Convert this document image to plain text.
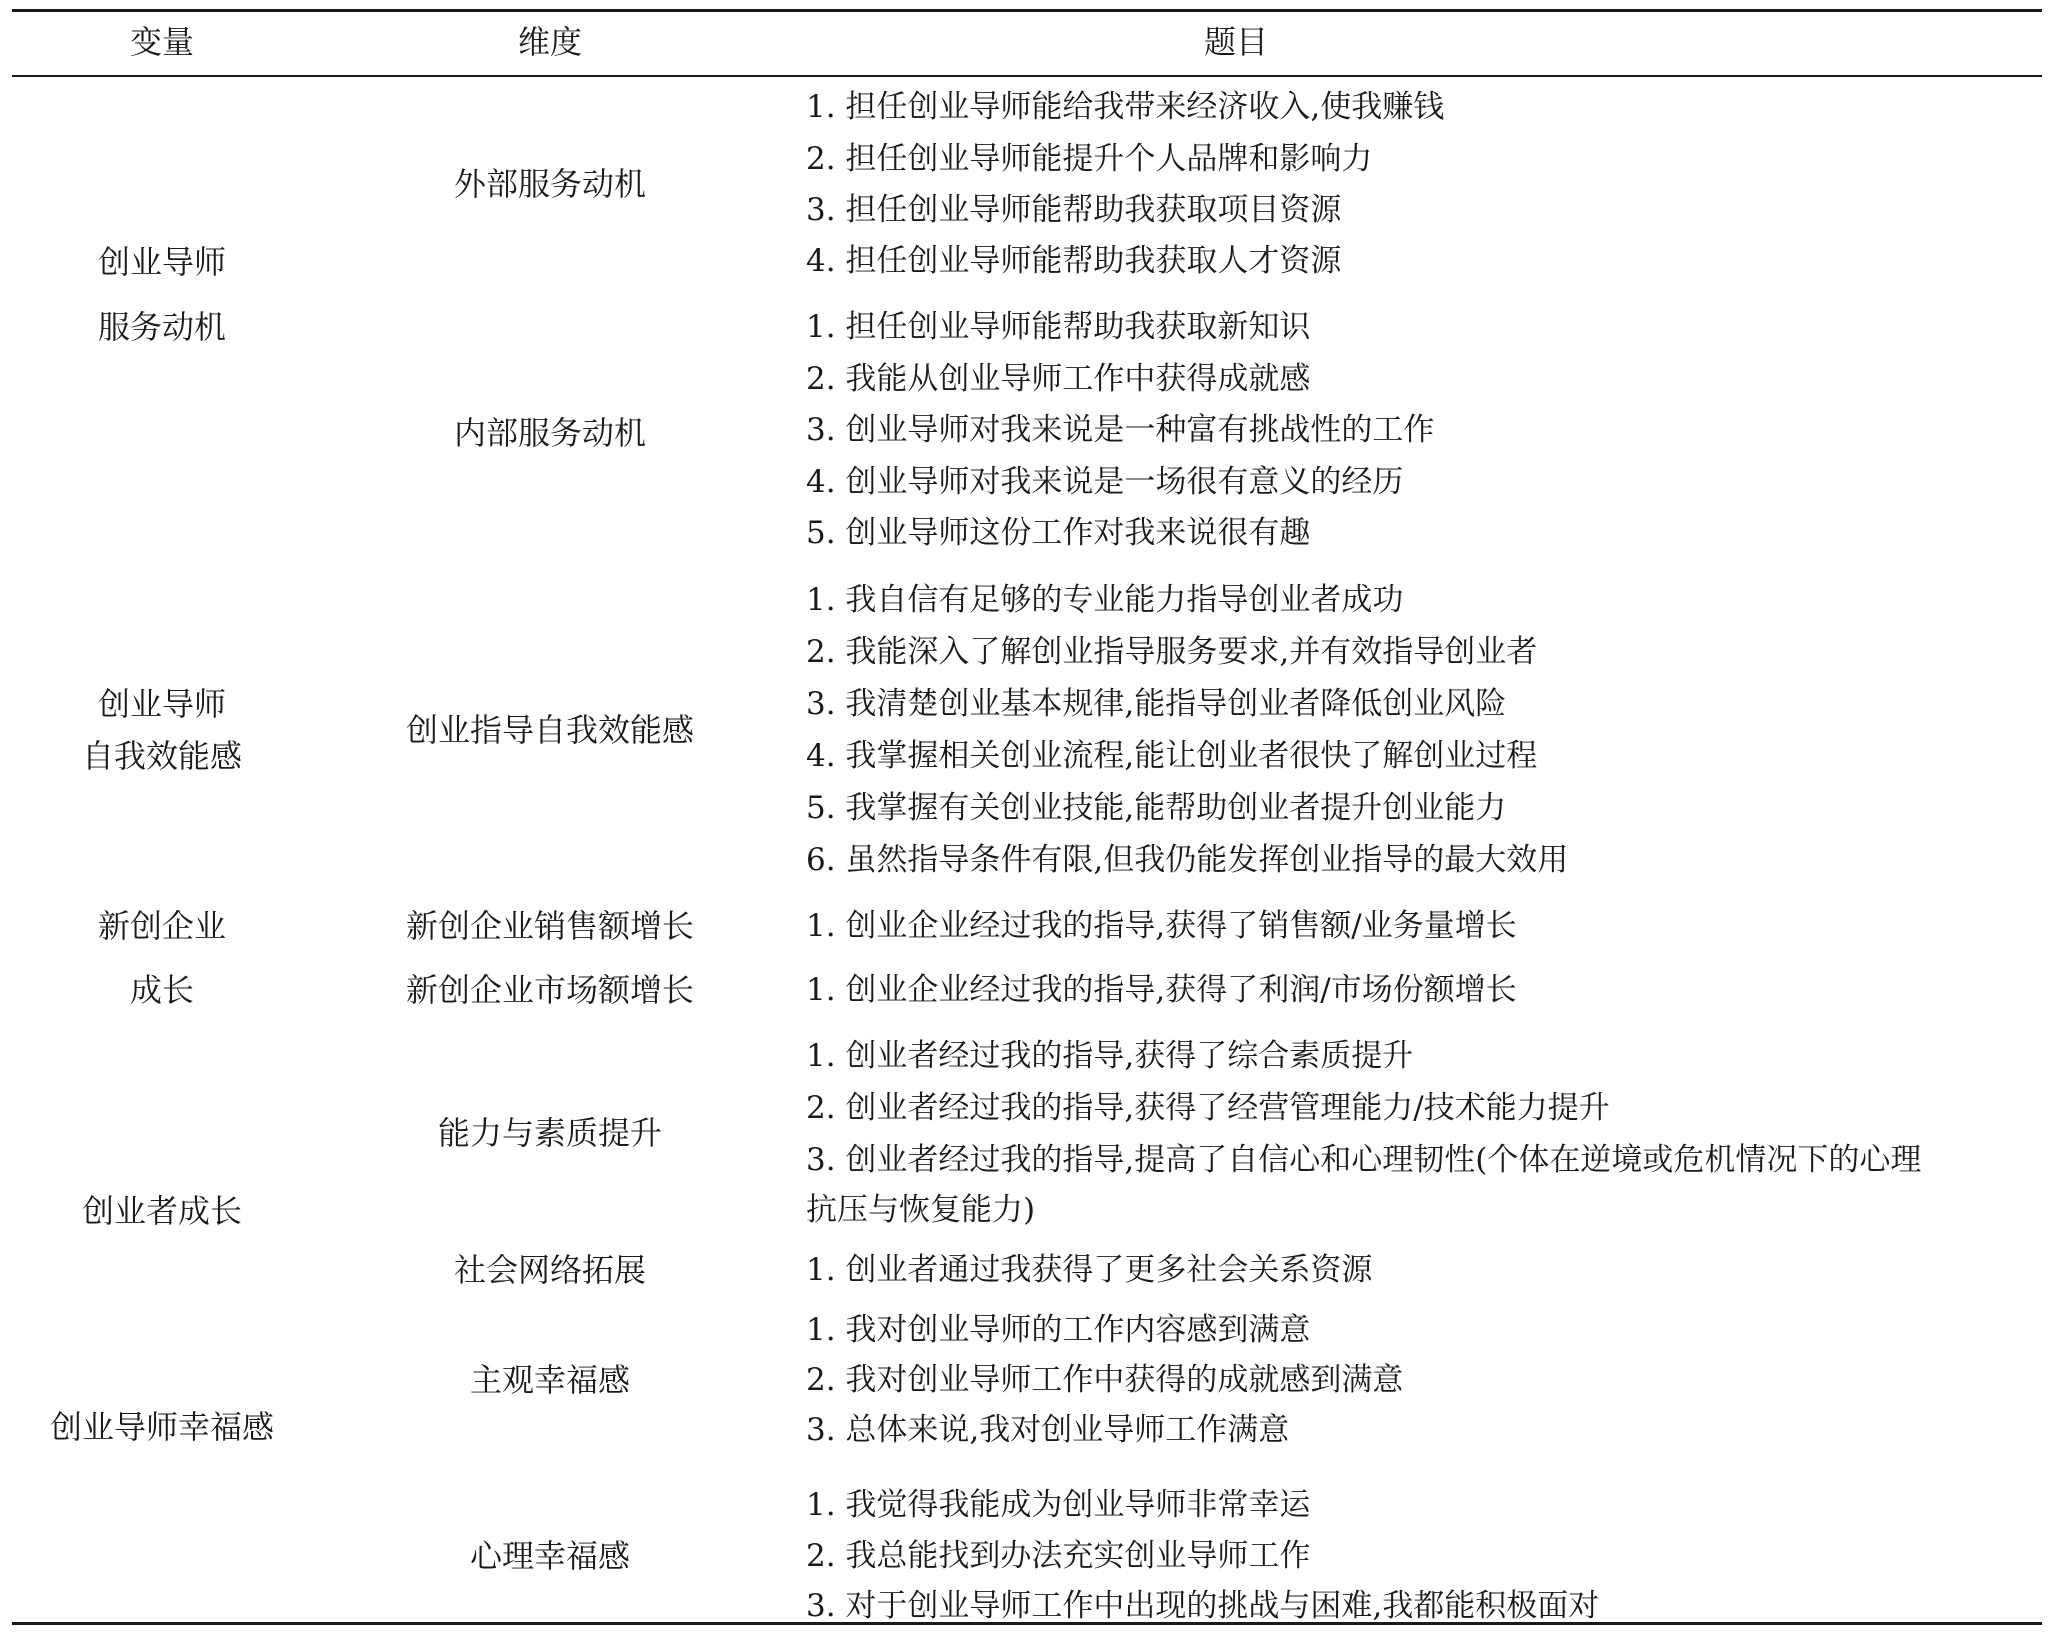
变量	维度	题目

创业导师

服务动机

创业导师

自我效能感

新创企业

成长

创业者成长

创业导师幸福感

外部服务动机

内部服务动机

创业指导自我效能感

新创企业销售额增长

新创企业市场额增长

能力与素质提升

社会网络拓展

主观幸福感

心理幸福感

1. 担任创业导师能给我带来经济收入,使我赚钱

2. 担任创业导师能提升个人品牌和影响力

3. 担任创业导师能帮助我获取项目资源

4. 担任创业导师能帮助我获取人才资源

1. 担任创业导师能帮助我获取新知识

2. 我能从创业导师工作中获得成就感

3. 创业导师对我来说是一种富有挑战性的工作

4. 创业导师对我来说是一场很有意义的经历

5. 创业导师这份工作对我来说很有趣

1. 我自信有足够的专业能力指导创业者成功

2. 我能深入了解创业指导服务要求,并有效指导创业者

3. 我清楚创业基本规律,能指导创业者降低创业风险

4. 我掌握相关创业流程,能让创业者很快了解创业过程

5. 我掌握有关创业技能,能帮助创业者提升创业能力

6. 虽然指导条件有限,但我仍能发挥创业指导的最大效用

1. 创业企业经过我的指导,获得了销售额/业务量增长

1. 创业企业经过我的指导,获得了利润/市场份额增长

1. 创业者经过我的指导,获得了综合素质提升

2. 创业者经过我的指导,获得了经营管理能力/技术能力提升

3. 创业者经过我的指导,提高了自信心和心理韧性(个体在逆境或危机情况下的心理

抗压与恢复能力)

1. 创业者通过我获得了更多社会关系资源

1. 我对创业导师的工作内容感到满意

2. 我对创业导师工作中获得的成就感到满意

3. 总体来说,我对创业导师工作满意

1. 我觉得我能成为创业导师非常幸运

2. 我总能找到办法充实创业导师工作

3. 对于创业导师工作中出现的挑战与困难,我都能积极面对
